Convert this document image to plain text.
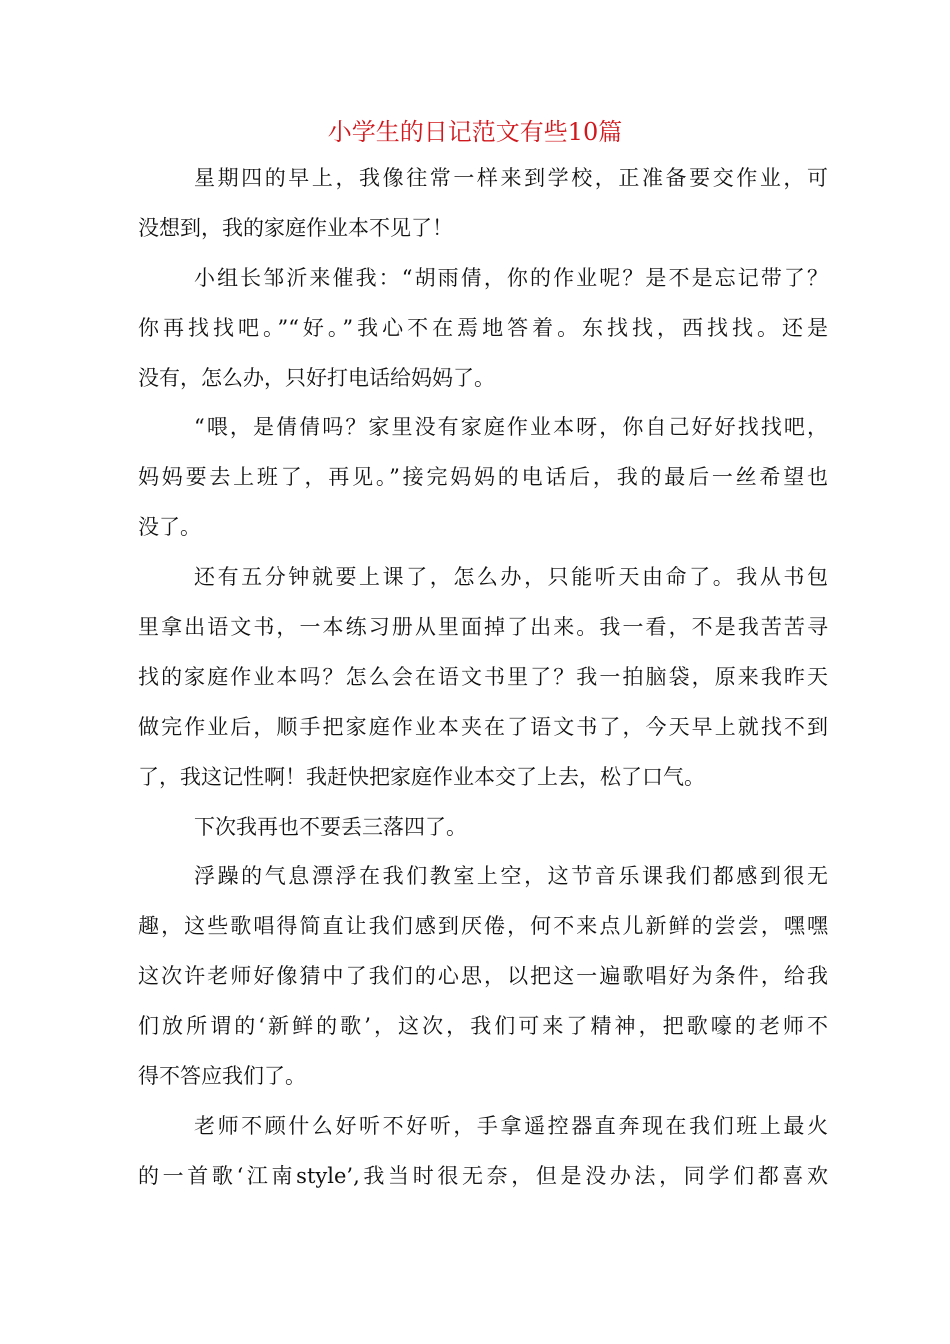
小学生的日记范文有些10篇
星期四的早上，我像往常一样来到学校，正准备要交作业，可
没想到，我的家庭作业本不见了！
小组长邹沂来催我：“胡雨倩，你的作业呢？是不是忘记带了？
你再找找吧。”“好。”我心不在焉地答着。东找找，西找找。还是
没有，怎么办，只好打电话给妈妈了。
“喂，是倩倩吗？家里没有家庭作业本呀，你自己好好找找吧，
妈妈要去上班了，再见。”接完妈妈的电话后，我的最后一丝希望也
没了。
还有五分钟就要上课了，怎么办，只能听天由命了。我从书包
里拿出语文书，一本练习册从里面掉了出来。我一看，不是我苦苦寻
找的家庭作业本吗？怎么会在语文书里了？我一拍脑袋，原来我昨天
做完作业后，顺手把家庭作业本夹在了语文书了，今天早上就找不到
了，我这记性啊！我赶快把家庭作业本交了上去，松了口气。
下次我再也不要丢三落四了。
浮躁的气息漂浮在我们教室上空，这节音乐课我们都感到很无
趣，这些歌唱得简直让我们感到厌倦，何不来点儿新鲜的尝尝，嘿嘿
这次许老师好像猜中了我们的心思，以把这一遍歌唱好为条件，给我
们放所谓的‘新鲜的歌’，这次，我们可来了精神，把歌嚎的老师不
得不答应我们了。
老师不顾什么好听不好听，手拿遥控器直奔现在我们班上最火
的一首歌‘江南style’,我当时很无奈，但是没办法，同学们都喜欢
